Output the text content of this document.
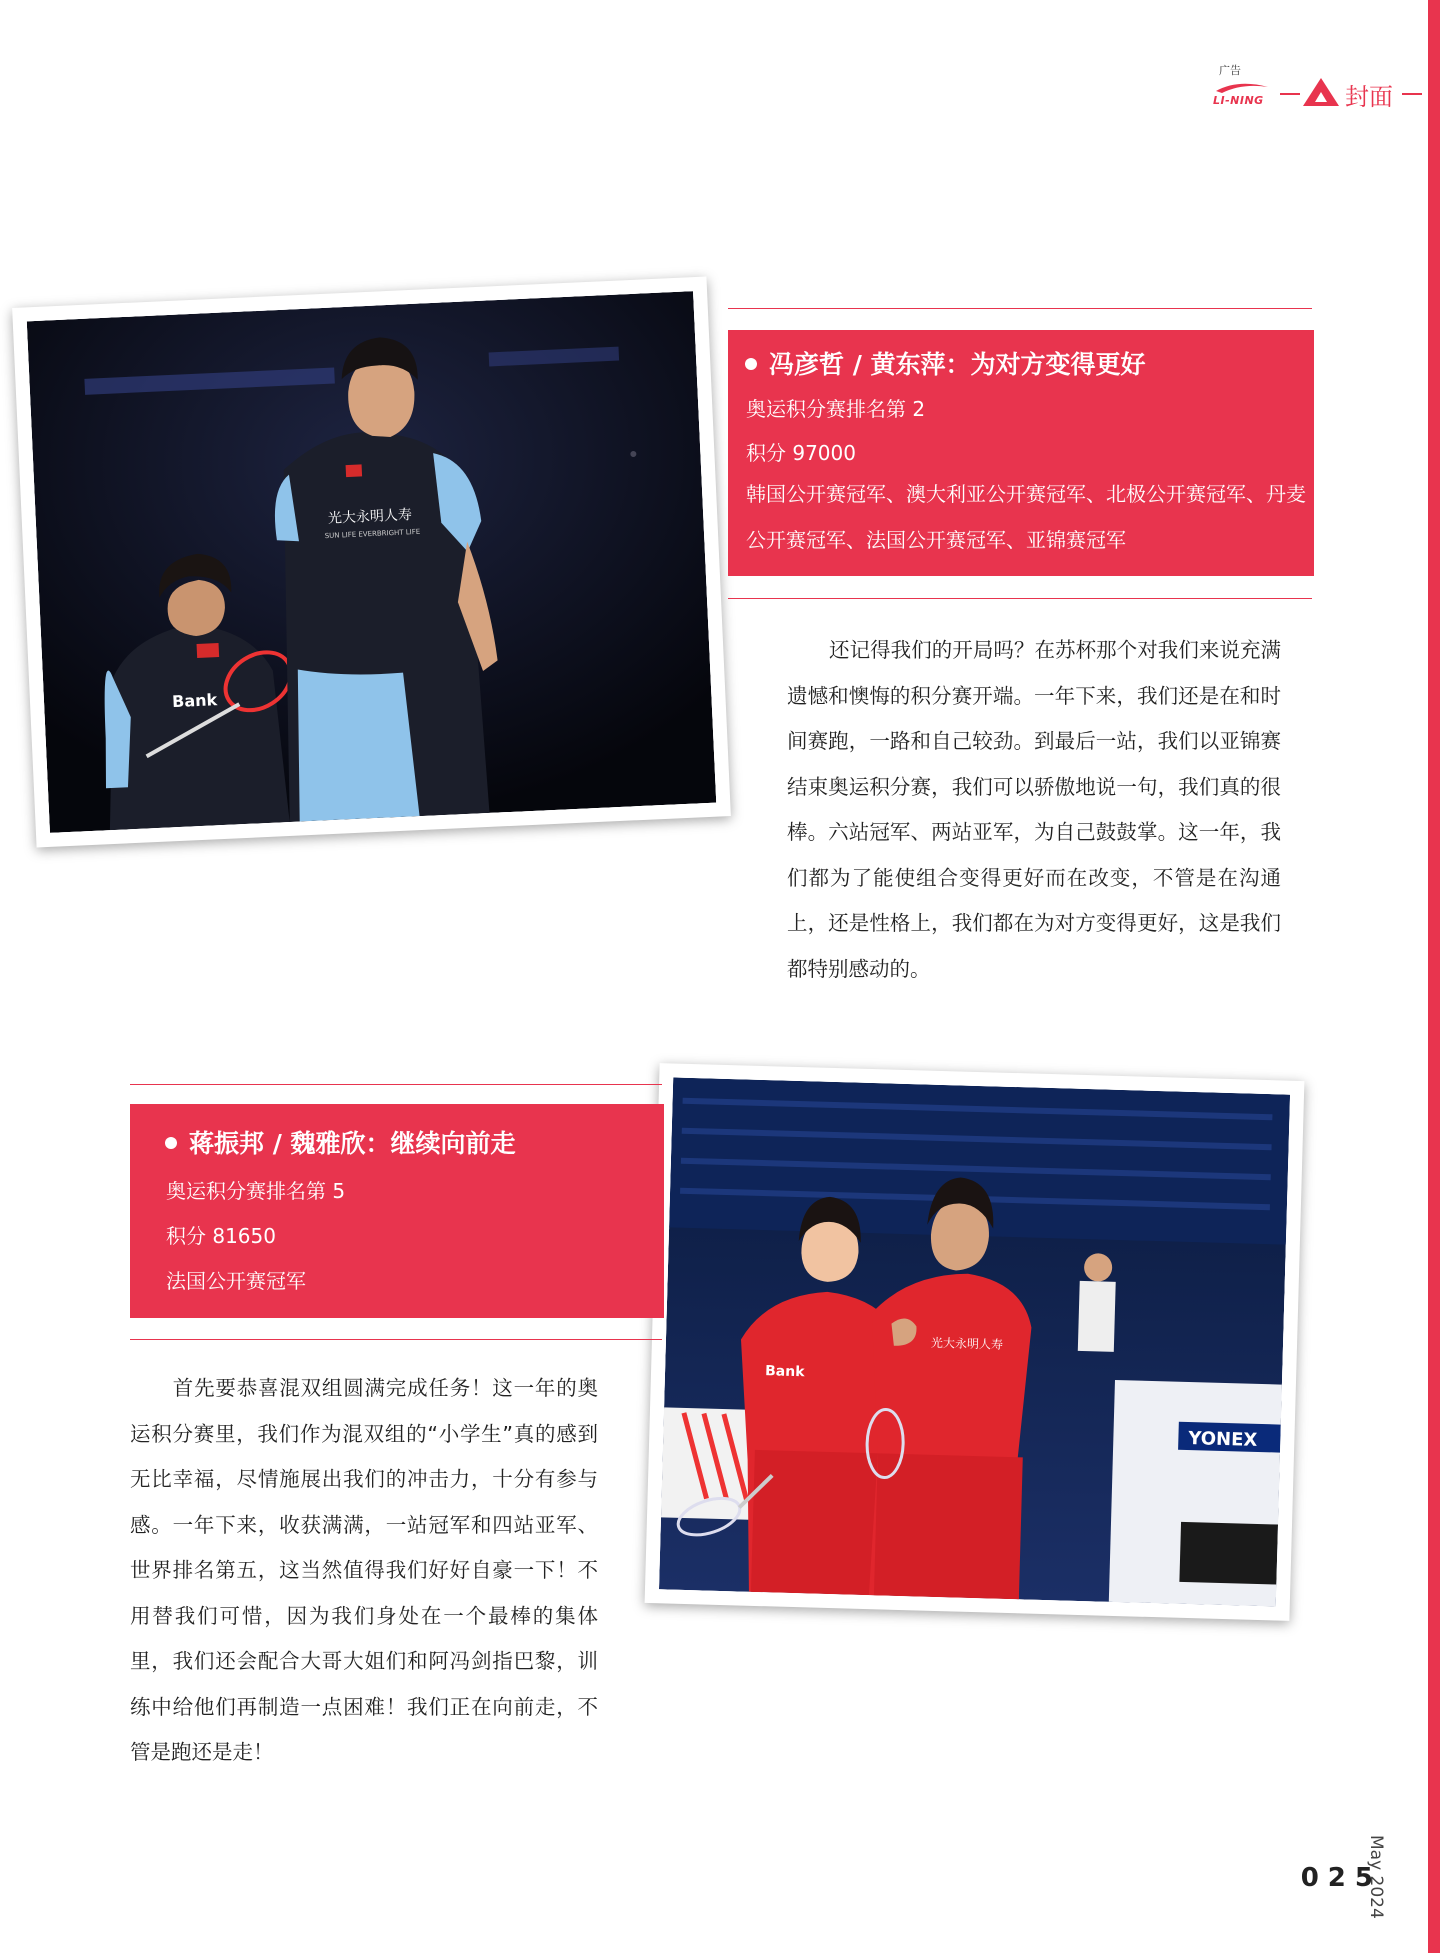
广告
LI-NING	封面
Bank
光大永明人寿
SUN LIFE EVERBRIGHT LIFE
冯彦哲 / 黄东萍：为对方变得更好
奥运积分赛排名第 2
积分 97000
韩国公开赛冠军、澳大利亚公开赛冠军、北极公开赛冠军、丹麦公开赛冠军、法国公开赛冠军、亚锦赛冠军
还记得我们的开局吗？在苏杯那个对我们来说充满遗憾和懊悔的积分赛开端。一年下来，我们还是在和时间赛跑，一路和自己较劲。到最后一站，我们以亚锦赛结束奥运积分赛，我们可以骄傲地说一句，我们真的很棒。六站冠军、两站亚军，为自己鼓鼓掌。这一年，我们都为了能使组合变得更好而在改变，不管是在沟通上，还是性格上，我们都在为对方变得更好，这是我们都特别感动的。
YONEX
Bank
光大永明人寿
蒋振邦 / 魏雅欣：继续向前走
奥运积分赛排名第 5
积分 81650
法国公开赛冠军
首先要恭喜混双组圆满完成任务！这一年的奥运积分赛里，我们作为混双组的“小学生”真的感到无比幸福，尽情施展出我们的冲击力，十分有参与感。一年下来，收获满满，一站冠军和四站亚军、世界排名第五，这当然值得我们好好自豪一下！不用替我们可惜，因为我们身处在一个最棒的集体里，我们还会配合大哥大姐们和阿冯剑指巴黎，训练中给他们再制造一点困难！我们正在向前走，不管是跑还是走！
025
May 2024
